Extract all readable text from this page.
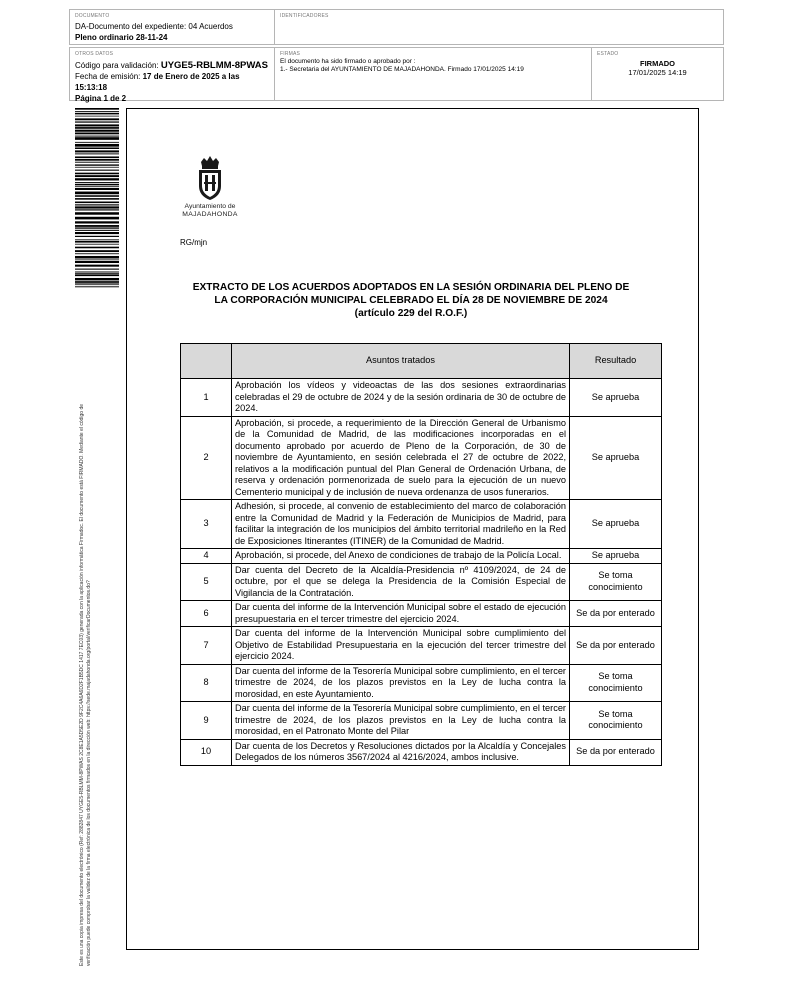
DOCUMENTO
DA-Documento del expediente: 04 Acuerdos
Pleno ordinario 28-11-24
IDENTIFICADORES
OTROS DATOS
Código para validación: UYGE5-RBLMM-8PWAS
Fecha de emisión: 17 de Enero de 2025 a las 15:13:18
Página 1 de 2
FIRMAS
El documento ha sido firmado o aprobado por :
1.- Secretaria del AYUNTAMIENTO DE MAJADAHONDA. Firmado 17/01/2025 14:19
ESTADO
FIRMADO
17/01/2025 14:19
Este es una copia impresa del documento electrónico (Ref: 2882847 UYGE5-RBLMM-8PWAS 2C8E1A5D5E2D 9F2C4A6A6D2F1B5DC 1417 7EC03) generada con la aplicación informática Firmadoc. El documento está FIRMADO. Mediante el código de verificación puede comprobar la validez de la firma electrónica de los documentos firmados en la dirección web: https://sede.majadahonda.org/portal/verificarDocumentos.do?
Ayuntamiento de
MAJADAHONDA
RG/mjn
EXTRACTO DE LOS ACUERDOS ADOPTADOS EN LA SESIÓN ORDINARIA DEL PLENO DE
LA CORPORACIÓN MUNICIPAL CELEBRADO EL DÍA 28 DE NOVIEMBRE DE 2024
(artículo 229 del R.O.F.)
	Asuntos tratados	Resultado
1	Aprobación los vídeos y videoactas de las dos sesiones extraordinarias celebradas el 29 de octubre de 2024 y de la sesión ordinaria de 30 de octubre de 2024.	Se aprueba
2	Aprobación, si procede, a requerimiento de la Dirección General de Urbanismo de la Comunidad de Madrid, de las modificaciones incorporadas en el documento aprobado por acuerdo de Pleno de la Corporación, de 30 de noviembre de Ayuntamiento, en sesión celebrada el 27 de octubre de 2022, relativos a la modificación puntual del Plan General de Ordenación Urbana, de reserva y ordenación pormenorizada de suelo para la ejecución de un nuevo Cementerio municipal y de inclusión de nueva ordenanza de usos funerarios.	Se aprueba
3	Adhesión, si procede, al convenio de establecimiento del marco de colaboración entre la Comunidad de Madrid y la Federación de Municipios de Madrid, para facilitar la integración de los municipios del ámbito territorial madrileño en la Red de Exposiciones Itinerantes (ITINER) de la Comunidad de Madrid.	Se aprueba
4	Aprobación, si procede, del Anexo de condiciones de trabajo de la Policía Local.	Se aprueba
5	Dar cuenta del Decreto de la Alcaldía-Presidencia nº 4109/2024, de 24 de octubre, por el que se delega la Presidencia de la Comisión Especial de Vigilancia de la Contratación.	Se toma conocimiento
6	Dar cuenta del informe de la Intervención Municipal sobre el estado de ejecución presupuestaria en el tercer trimestre del ejercicio 2024.	Se da por enterado
7	Dar cuenta del informe de la Intervención Municipal sobre cumplimiento del Objetivo de Estabilidad Presupuestaria en la ejecución del tercer trimestre del ejercicio 2024.	Se da por enterado
8	Dar cuenta del informe de la Tesorería Municipal sobre cumplimiento, en el tercer trimestre de 2024, de los plazos previstos en la Ley de lucha contra la morosidad, en este Ayuntamiento.	Se toma conocimiento
9	Dar cuenta del informe de la Tesorería Municipal sobre cumplimiento, en el tercer trimestre de 2024, de los plazos previstos en la Ley de lucha contra la morosidad, en el Patronato Monte del Pilar	Se toma conocimiento
10	Dar cuenta de los Decretos y Resoluciones dictados por la Alcaldía y Concejales Delegados de los números 3567/2024 al 4216/2024, ambos inclusive.	Se da por enterado
